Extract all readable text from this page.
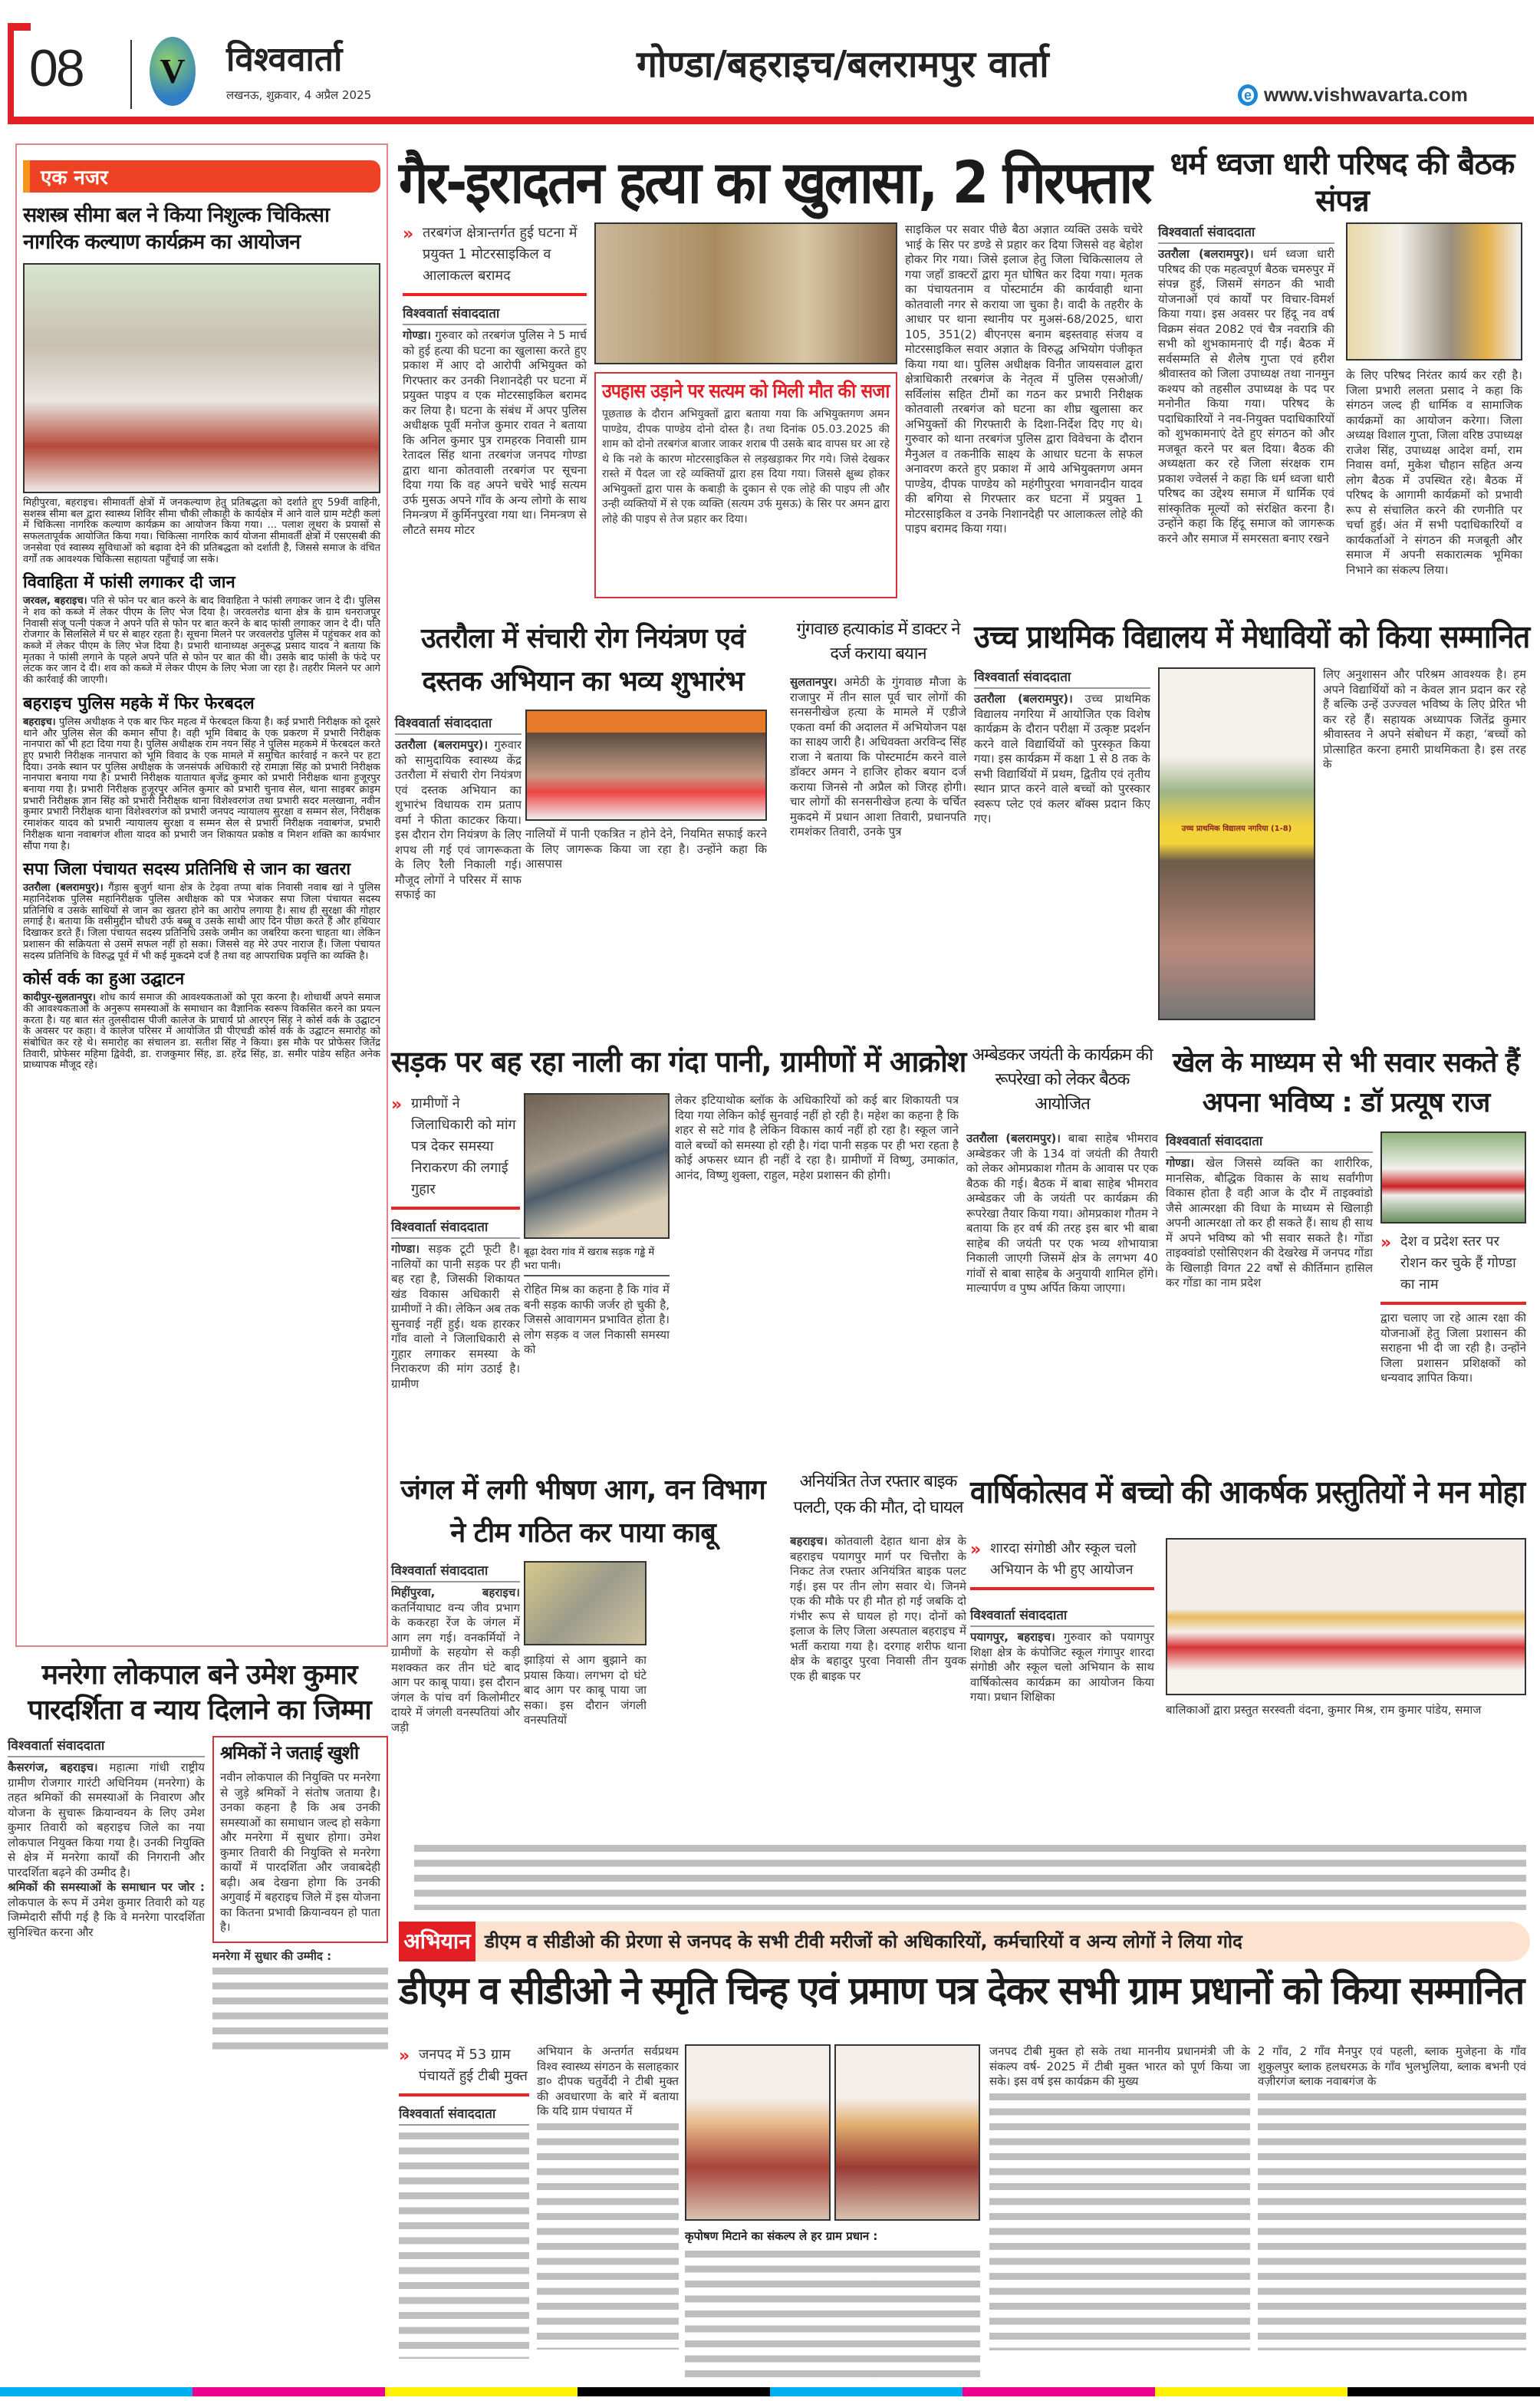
08 V	विश्ववार्ता
लखनऊ, शुक्रवार, 4 अप्रैल 2025
गोण्डा/बहराइच/बलरामपुर वार्ता
e www.vishwavarta.com
एक नजर
सशस्त्र सीमा बल ने किया निशुल्क चिकित्सा नागरिक कल्याण कार्यक्रम का आयोजन
मिहीपुरवा, बहराइच। सीमावर्ती क्षेत्रों में जनकल्याण हेतु प्रतिबद्धता को दर्शाते हुए 59वीं वाहिनी, सशस्त्र सीमा बल द्वारा स्वास्थ्य शिविर सीमा चौकी लौकाही के कार्यक्षेत्र में आने वाले ग्राम मटेही कलां में चिकित्सा नागरिक कल्याण कार्यक्रम का आयोजन किया गया। ... पलाश लूथरा के प्रयासों से सफलतापूर्वक आयोजित किया गया। चिकित्सा नागरिक कार्य योजना सीमावर्ती क्षेत्रों में एसएसबी की जनसेवा एवं स्वास्थ्य सुविधाओं को बढ़ावा देने की प्रतिबद्धता को दर्शाती है, जिससे समाज के वंचित वर्गों तक आवश्यक चिकित्सा सहायता पहुँचाई जा सके।
विवाहिता में फांसी लगाकर दी जान
जरवल, बहराइच। पति से फोन पर बात करने के बाद विवाहिता ने फांसी लगाकर जान दे दी। पुलिस ने शव को कब्जे में लेकर पीएम के लिए भेज दिया है। जरवलरोड थाना क्षेत्र के ग्राम धनराजपुर निवासी संजू पत्नी पंकज ने अपने पति से फोन पर बात करने के बाद फांसी लगाकर जान दे दी। पति रोजगार के सिलसिले में घर से बाहर रहता है। सूचना मिलने पर जरवलरोड पुलिस में पहुंचकर शव को कब्जे में लेकर पीएम के लिए भेज दिया है। प्रभारी थानाध्यक्ष अनुरूद्ध प्रसाद यादव ने बताया कि मृतका ने फांसी लगाने के पहले अपने पति से फोन पर बात की थी। उसके बाद फांसी के फंदे पर लटक कर जान दे दी। शव को कब्जे में लेकर पीएम के लिए भेजा जा रहा है। तहरीर मिलने पर आगे की कार्रवाई की जाएगी।
बहराइच पुलिस महके में फिर फेरबदल
बहराइच। पुलिस अधीक्षक ने एक बार फिर महत्व में फेरबदल किया है। कई प्रभारी निरीक्षक को दूसरे थाने और पुलिस सेल की कमान सौंपा है। वही भूमि विबाद के एक प्रकरण में प्रभारी निरीक्षक नानपारा को भी हटा दिया गया है। पुलिस अधीक्षक राम नयन सिंह ने पुलिस महकमे में फेरबदल करते हुए प्रभारी निरीक्षक नानपारा को भूमि विवाद के एक मामले में समुचित कार्रवाई न करने पर हटा दिया। उनके स्थान पर पुलिस अधीक्षक के जनसंपर्क अधिकारी रहे रामाज्ञा सिंह को प्रभारी निरीक्षक नानपारा बनाया गया है। प्रभारी निरीक्षक यातायात बृजेंद्र कुमार को प्रभारी निरीक्षक थाना हुजूरपुर बनाया गया है। प्रभारी निरीक्षक हुजूरपुर अनिल कुमार को प्रभारी चुनाव सेल, थाना साइबर क्राइम प्रभारी निरीक्षक ज्ञान सिंह को प्रभारी निरीक्षक थाना विशेश्वरगंज तथा प्रभारी सदर मलखाना, नवीन कुमार प्रभारी निरीक्षक थाना विशेश्वरगंज को प्रभारी जनपद न्यायालय सुरक्षा व सम्मन सेल, निरीक्षक रमाशंकर यादव को प्रभारी न्यायालय सुरक्षा व सम्मन सेल से प्रभारी निरीक्षक नवाबगंज, प्रभारी निरीक्षक थाना नवाबगंज शीला यादव को प्रभारी जन शिकायत प्रकोष्ठ व मिशन शक्ति का कार्यभार सौंपा गया है।
सपा जिला पंचायत सदस्य प्रतिनिधि से जान का खतरा
उतरौला (बलरामपुर)। गैंड़ास बुजुर्ग थाना क्षेत्र के टेढ़वा तप्पा बांक निवासी नवाब खां ने पुलिस महानिदेशक पुलिस महानिरीक्षक पुलिस अधीक्षक को पत्र भेजकर सपा जिला पंचायत सदस्य प्रतिनिधि व उसके साथियों से जान का खतरा होने का आरोप लगाया है। साथ ही सुरक्षा की गोहार लगाई है। बताया कि वसीमुद्दीन चौधरी उर्फ बब्बू व उसके साथी आए दिन पीछा करते हैं और हथियार दिखाकर डरते हैं। जिला पंचायत सदस्य प्रतिनिधि उसके जमीन का जबरिया करना चाहता था। लेकिन प्रशासन की सक्रियता से उसमें सफल नहीं हो सका। जिससे वह मेरे उपर नाराज हैं। जिला पंचायत सदस्य प्रतिनिधि के विरुद्ध पूर्व में भी कई मुकदमे दर्ज है तथा वह आपराधिक प्रवृत्ति का व्यक्ति है।
कोर्स वर्क का हुआ उद्घाटन
कादीपुर-सुलतानपुर। शोध कार्य समाज की आवश्यकताओं को पूरा करना है। शोधार्थी अपने समाज की आवश्यकताओं के अनुरूप समस्याओं के समाधान का वैज्ञानिक स्वरूप विकसित करने का प्रयत्न करता है। यह बात संत तुलसीदास पीजी कालेज के प्राचार्य प्रो आरएन सिंह ने कोर्स वर्क के उद्घाटन के अवसर पर कहा। वे कालेज परिसर में आयोजित प्री पीएचडी कोर्स वर्क के उद्घाटन समारोह को संबोधित कर रहे थे। समारोह का संचालन डा. सतीश सिंह ने किया। इस मौके पर प्रोफेसर जितेंद्र तिवारी, प्रोफेसर महिमा द्विवेदी, डा. राजकुमार सिंह, डा. हरेंद्र सिंह, डा. समीर पांडेय सहित अनेक प्राध्यापक मौजूद रहे।
मनरेगा लोकपाल बने उमेश कुमार पारदर्शिता व न्याय दिलाने का जिम्मा
विश्ववार्ता संवाददाता
कैसरगंज, बहराइच। महात्मा गांधी राष्ट्रीय ग्रामीण रोजगार गारंटी अधिनियम (मनरेगा) के तहत श्रमिकों की समस्याओं के निवारण और योजना के सुचारू क्रियान्वयन के लिए उमेश कुमार तिवारी को बहराइच जिले का नया लोकपाल नियुक्त किया गया है। उनकी नियुक्ति से क्षेत्र में मनरेगा कार्यों की निगरानी और पारदर्शिता बढ़ने की उम्मीद है।
श्रमिकों की समस्याओं के समाधान पर जोर : लोकपाल के रूप में उमेश कुमार तिवारी को यह जिम्मेदारी सौंपी गई है कि वे मनरेगा पारदर्शिता सुनिश्चित करना और
श्रमिकों ने जताई खुशी
नवीन लोकपाल की नियुक्ति पर मनरेगा से जुड़े श्रमिकों ने संतोष जताया है। उनका कहना है कि अब उनकी समस्याओं का समाधान जल्द हो सकेगा और मनरेगा में सुधार होगा। उमेश कुमार तिवारी की नियुक्ति से मनरेगा कार्यों में पारदर्शिता और जवाबदेही बढ़ी। अब देखना होगा कि उनकी अगुवाई में बहराइच जिले में इस योजना का कितना प्रभावी क्रियान्वयन हो पाता है।
मनरेगा में सुधार की उम्मीद :
गैर-इरादतन हत्या का खुलासा, 2 गिरफ्तार
» तरबगंज क्षेत्रान्तर्गत हुई घटना में प्रयुक्त 1 मोटरसाइकिल व आलाकत्ल बरामद
विश्ववार्ता संवाददाता
गोण्डा। गुरुवार को तरबगंज पुलिस ने 5 मार्च को हुई हत्या की घटना का खुलासा करते हुए प्रकाश में आए दो आरोपी अभियुक्त को गिरफ्तार कर उनकी निशानदेही पर घटना में प्रयुक्त पाइप व एक मोटरसाइकिल बरामद कर लिया है। घटना के संबंध में अपर पुलिस अधीक्षक पूर्वी मनोज कुमार रावत ने बताया कि अनिल कुमार पुत्र रामहरक निवासी ग्राम रेतादल सिंह थाना तरबगंज जनपद गोण्डा द्वारा थाना कोतवाली तरबगंज पर सूचना दिया गया कि वह अपने चचेरे भाई सत्यम उर्फ मुसऊ अपने गाँव के अन्य लोगो के साथ निमन्त्रण में कुर्मिनपुरवा गया था। निमन्त्रण से लौटते समय मोटर
उपहास उड़ाने पर सत्यम को मिली मौत की सजा
पूछताछ के दौरान अभियुक्तों द्वारा बताया गया कि अभियुक्तगण अमन पाण्डेय, दीपक पाण्डेय दोनो दोस्त है। तथा दिनांक 05.03.2025 की शाम को दोनो तरबगंज बाजार जाकर शराब पी उसके बाद वापस घर आ रहे थे कि नशे के कारण मोटरसाइकिल से लड़खड़ाकर गिर गये। जिसे देखकर रास्ते में पैदल जा रहे व्यक्तियों द्वारा हस दिया गया। जिससे क्षुब्ध होकर अभियुक्तों द्वारा पास के कबाड़ी के दुकान से एक लोहे की पाइप ली और उन्ही व्यक्तियों में से एक व्यक्ति (सत्यम उर्फ मुसऊ) के सिर पर अमन द्वारा लोहे की पाइप से तेज प्रहार कर दिया।
साइकिल पर सवार पीछे बैठा अज्ञात व्यक्ति उसके चचेरे भाई के सिर पर डण्डे से प्रहार कर दिया जिससे वह बेहोश होकर गिर गया। जिसे इलाज हेतु जिला चिकित्सालय ले गया जहाँ डाक्टरों द्वारा मृत घोषित कर दिया गया। मृतक का पंचायतनाम व पोस्टमार्टम की कार्यवाही थाना कोतवाली नगर से कराया जा चुका है। वादी के तहरीर के आधार पर थाना स्थानीय पर मुअसं-68/2025, धारा 105, 351(2) बीएनएस बनाम बइस्तवाह संजय व मोटरसाइकिल सवार अज्ञात के विरुद्ध अभियोग पंजीकृत किया गया था। पुलिस अधीक्षक विनीत जायसवाल द्वारा क्षेत्राधिकारी तरबगंज के नेतृत्व में पुलिस एसओजी/सर्विलांस सहित टीमों का गठन कर प्रभारी निरीक्षक कोतवाली तरबगंज को घटना का शीघ्र खुलासा कर अभियुक्तों की गिरफ्तारी के दिशा-निर्देश दिए गए थे। गुरुवार को थाना तरबगंज पुलिस द्वारा विवेचना के दौरान मैनुअल व तकनीकि साक्ष्य के आधार घटना के सफल अनावरण करते हुए प्रकाश में आये अभियुक्तगण अमन पाण्डेय, दीपक पाण्डेय को महंगीपुरवा भगवानदीन यादव की बगिया से गिरफ्तार कर घटना में प्रयुक्त 1 मोटरसाइकिल व उनके निशानदेही पर आलाकत्ल लोहे की पाइप बरामद किया गया।
धर्म ध्वजा धारी परिषद की बैठक संपन्न
विश्ववार्ता संवाददाता
उतरौला (बलरामपुर)। धर्म ध्वजा धारी परिषद की एक महत्वपूर्ण बैठक चमरुपुर में संपन्न हुई, जिसमें संगठन की भावी योजनाओं एवं कार्यों पर विचार-विमर्श किया गया। इस अवसर पर हिंदू नव वर्ष विक्रम संवत 2082 एवं चैत्र नवरात्रि की सभी को शुभकामनाएं दी गईं। बैठक में सर्वसम्मति से शैलेष गुप्ता एवं हरीश श्रीवास्तव को जिला उपाध्यक्ष तथा नानमुन कश्यप को तहसील उपाध्यक्ष के पद पर मनोनीत किया गया। परिषद के पदाधिकारियों ने नव-नियुक्त पदाधिकारियों को शुभकामनाएं देते हुए संगठन को और मजबूत करने पर बल दिया। बैठक की अध्यक्षता कर रहे जिला संरक्षक राम प्रकाश ज्वेलर्स ने कहा कि धर्म ध्वजा धारी परिषद का उद्देश्य समाज में धार्मिक एवं सांस्कृतिक मूल्यों को संरक्षित करना है। उन्होंने कहा कि हिंदू समाज को जागरूक करने और समाज में समरसता बनाए रखने
के लिए परिषद निरंतर कार्य कर रही है। जिला प्रभारी ललता प्रसाद ने कहा कि संगठन जल्द ही धार्मिक व सामाजिक कार्यक्रमों का आयोजन करेगा। जिला अध्यक्ष विशाल गुप्ता, जिला वरिष्ठ उपाध्यक्ष राजेश सिंह, उपाध्यक्ष आदेश वर्मा, राम निवास वर्मा, मुकेश चौहान सहित अन्य लोग बैठक में उपस्थित रहे। बैठक में परिषद के आगामी कार्यक्रमों को प्रभावी रूप से संचालित करने की रणनीति पर चर्चा हुई। अंत में सभी पदाधिकारियों व कार्यकर्ताओं ने संगठन की मजबूती और समाज में अपनी सकारात्मक भूमिका निभाने का संकल्प लिया।
उतरौला में संचारी रोग नियंत्रण एवं दस्तक अभियान का भव्य शुभारंभ
विश्ववार्ता संवाददाता
उतरौला (बलरामपुर)। गुरुवार को सामुदायिक स्वास्थ्य केंद्र उतरौला में संचारी रोग नियंत्रण एवं दस्तक अभियान का शुभारंभ विधायक राम प्रताप वर्मा ने फीता काटकर किया। इस दौरान रोग नियंत्रण के लिए शपथ ली गई एवं जागरूकता के लिए रैली निकाली गई। मौजूद लोगों ने परिसर में साफ सफाई का
नालियों में पानी एकत्रित न होने देने, नियमित सफाई करने के लिए जागरूक किया जा रहा है। उन्होंने कहा कि आसपास
गुंगवाछ हत्याकांड में डाक्टर ने दर्ज कराया बयान
सुलतानपुर। अमेठी के गुंगवाछ मौजा के राजापुर में तीन साल पूर्व चार लोगों की सनसनीखेज हत्या के मामले में एडीजे एकता वर्मा की अदालत में अभियोजन पक्ष का साक्ष्य जारी है। अधिवक्ता अरविन्द सिंह राजा ने बताया कि पोस्टमार्टम करने वाले डॉक्टर अमन ने हाजिर होकर बयान दर्ज कराया जिनसे नौ अप्रैल को जिरह होगी। चार लोगों की सनसनीखेज हत्या के चर्चित मुकदमे में प्रधान आशा तिवारी, प्रधानपति रामशंकर तिवारी, उनके पुत्र
उच्च प्राथमिक विद्यालय में मेधावियों को किया सम्मानित
विश्ववार्ता संवाददाता
उतरौला (बलरामपुर)। उच्च प्राथमिक विद्यालय नगरिया में आयोजित एक विशेष कार्यक्रम के दौरान परीक्षा में उत्कृष्ट प्रदर्शन करने वाले विद्यार्थियों को पुरस्कृत किया गया। इस कार्यक्रम में कक्षा 1 से 8 तक के सभी विद्यार्थियों में प्रथम, द्वितीय एवं तृतीय स्थान प्राप्त करने वाले बच्चों को पुरस्कार स्वरूप प्लेट एवं कलर बॉक्स प्रदान किए गए।
उच्च प्राथमिक विद्यालय नगरिया (1-8)
लिए अनुशासन और परिश्रम आवश्यक है। हम अपने विद्यार्थियों को न केवल ज्ञान प्रदान कर रहे हैं बल्कि उन्हें उज्ज्वल भविष्य के लिए प्रेरित भी कर रहे हैं। सहायक अध्यापक जितेंद्र कुमार श्रीवास्तव ने अपने संबोधन में कहा, ‘बच्चों को प्रोत्साहित करना हमारी प्राथमिकता है। इस तरह के
सड़क पर बह रहा नाली का गंदा पानी, ग्रामीणों में आक्रोश
» ग्रामीणों ने जिलाधिकारी को मांग पत्र देकर समस्या निराकरण की लगाई गुहार
विश्ववार्ता संवाददाता
गोण्डा। सड़क टूटी फूटी है। नालियों का पानी सड़क पर ही बह रहा है, जिसकी शिकायत खंड विकास अधिकारी से ग्रामीणों ने की। लेकिन अब तक सुनवाई नहीं हुई। थक हारकर गाँव वालो ने जिलाधिकारी से गुहार लगाकर समस्या के निराकरण की मांग उठाई है। ग्रामीण
बूढ़ा देवरा गांव में खराब सड़क गड्ढे में भरा पानी।
रोहित मिश्र का कहना है कि गांव में बनी सड़क काफी जर्जर हो चुकी है, जिससे आवागमन प्रभावित होता है। लोग सड़क व जल निकासी समस्या को
लेकर इटियाथोक ब्लॉक के अधिकारियों को कई बार शिकायती पत्र दिया गया लेकिन कोई सुनवाई नहीं हो रही है। महेश का कहना है कि शहर से सटे गांव है लेकिन विकास कार्य नहीं हो रहा है। स्कूल जाने वाले बच्चों को समस्या हो रही है। गंदा पानी सड़क पर ही भरा रहता है कोई अफसर ध्यान ही नहीं दे रहा है। ग्रामीणों में विष्णु, उमाकांत, आनंद, विष्णु शुक्ला, राहुल, महेश प्रशासन की होगी।
अम्बेडकर जयंती के कार्यक्रम की रूपरेखा को लेकर बैठक आयोजित
उतरौला (बलरामपुर)। बाबा साहेब भीमराव अम्बेडकर जी के 134 वां जयंती की तैयारी को लेकर ओमप्रकाश गौतम के आवास पर एक बैठक की गई। बैठक में बाबा साहेब भीमराव अम्बेडकर जी के जयंती पर कार्यक्रम की रूपरेखा तैयार किया गया। ओमप्रकाश गौतम ने बताया कि हर वर्ष की तरह इस बार भी बाबा साहेब की जयंती पर एक भव्य शोभायात्रा निकाली जाएगी जिसमें क्षेत्र के लगभग 40 गांवों से बाबा साहेब के अनुयायी शामिल होंगे। माल्यार्पण व पुष्प अर्पित किया जाएगा।
खेल के माध्यम से भी सवार सकते हैं अपना भविष्य : डॉ प्रत्यूष राज
विश्ववार्ता संवाददाता
गोण्डा। खेल जिससे व्यक्ति का शारीरिक, मानसिक, बौद्धिक विकास के साथ सर्वांगीण विकास होता है वही आज के दौर में ताइक्वांडो जैसे आत्मरक्षा की विधा के माध्यम से खिलाड़ी अपनी आत्मरक्षा तो कर ही सकते हैं। साथ ही साथ में अपने भविष्य को भी सवार सकते है। गोंडा ताइक्वांडो एसोसिएशन की देखरेख में जनपद गोंडा के खिलाड़ी विगत 22 वर्षों से कीर्तिमान हासिल कर गोंडा का नाम प्रदेश
» देश व प्रदेश स्तर पर रोशन कर चुके हैं गोण्डा का नाम
द्वारा चलाए जा रहे आत्म रक्षा की योजनाओं हेतु जिला प्रशासन की सराहना भी दी जा रही है। उन्होंने जिला प्रशासन प्रशिक्षकों को धन्यवाद ज्ञापित किया।
जंगल में लगी भीषण आग, वन विभाग ने टीम गठित कर पाया काबू
विश्ववार्ता संवाददाता
मिहींपुरवा, बहराइच। कतर्नियाघाट वन्य जीव प्रभाग के ककरहा रेंज के जंगल में आग लग गई। वनकर्मियों ने ग्रामीणों के सहयोग से कड़ी मशक्कत कर तीन घंटे बाद आग पर काबू पाया। इस दौरान जंगल के पांच वर्ग किलोमीटर दायरे में जंगली वनस्पतियां और जड़ी
झाड़ियां से आग बुझाने का प्रयास किया। लगभग दो घंटे बाद आग पर काबू पाया जा सका। इस दौरान जंगली वनस्पतियों
अनियंत्रित तेज रफ्तार बाइक पलटी, एक की मौत, दो घायल
बहराइच। कोतवाली देहात थाना क्षेत्र के बहराइच पयागपुर मार्ग पर चित्तौरा के निकट तेज रफ्तार अनियंत्रित बाइक पलट गई। इस पर तीन लोग सवार थे। जिनमे एक की मौके पर ही मौत हो गई जबकि दो गंभीर रूप से घायल हो गए। दोनों को इलाज के लिए जिला अस्पताल बहराइच में भर्ती कराया गया है। दरगाह शरीफ थाना क्षेत्र के बहादुर पुरवा निवासी तीन युवक एक ही बाइक पर
वार्षिकोत्सव में बच्चो की आकर्षक प्रस्तुतियों ने मन मोहा
» शारदा संगोष्ठी और स्कूल चलो अभियान के भी हुए आयोजन
विश्ववार्ता संवाददाता
पयागपुर, बहराइच। गुरुवार को पयागपुर शिक्षा क्षेत्र के कंपोजिट स्कूल गंगापुर शारदा संगोष्ठी और स्कूल चलो अभियान के साथ वार्षिकोत्सव कार्यक्रम का आयोजन किया गया। प्रधान शिक्षिका
बालिकाओं द्वारा प्रस्तुत सरस्वती वंदना, कुमार मिश्र, राम कुमार पांडेय, समाज
अभियान डीएम व सीडीओ की प्रेरणा से जनपद के सभी टीवी मरीजों को अधिकारियों, कर्मचारियों व अन्य लोगों ने लिया गोद
डीएम व सीडीओ ने स्मृति चिन्ह एवं प्रमाण पत्र देकर सभी ग्राम प्रधानों को किया सम्मानित
» जनपद में 53 ग्राम पंचायतें हुई टीबी मुक्त
विश्ववार्ता संवाददाता
अभियान के अन्तर्गत सर्वप्रथम विश्व स्वास्थ्य संगठन के सलाहकार डा० दीपक चतुर्वेदी ने टीबी मुक्त की अवधारणा के बारे में बताया कि यदि ग्राम पंचायत में
कृपोषण मिटाने का संकल्प ले हर ग्राम प्रधान :
जनपद टीबी मुक्त हो सके तथा माननीय प्रधानमंत्री जी के संकल्प वर्ष- 2025 में टीबी मुक्त भारत को पूर्ण किया जा सके। इस वर्ष इस कार्यक्रम की मुख्य
2 गाँव, 2 गाँव मैनपुर एवं पहली, ब्लाक मुजेहना के गाँव शुकुलपुर ब्लाक हलधरमऊ के गाँव भुलभुलिया, ब्लाक बभनी एवं वज़ीरगंज ब्लाक नवाबगंज के
